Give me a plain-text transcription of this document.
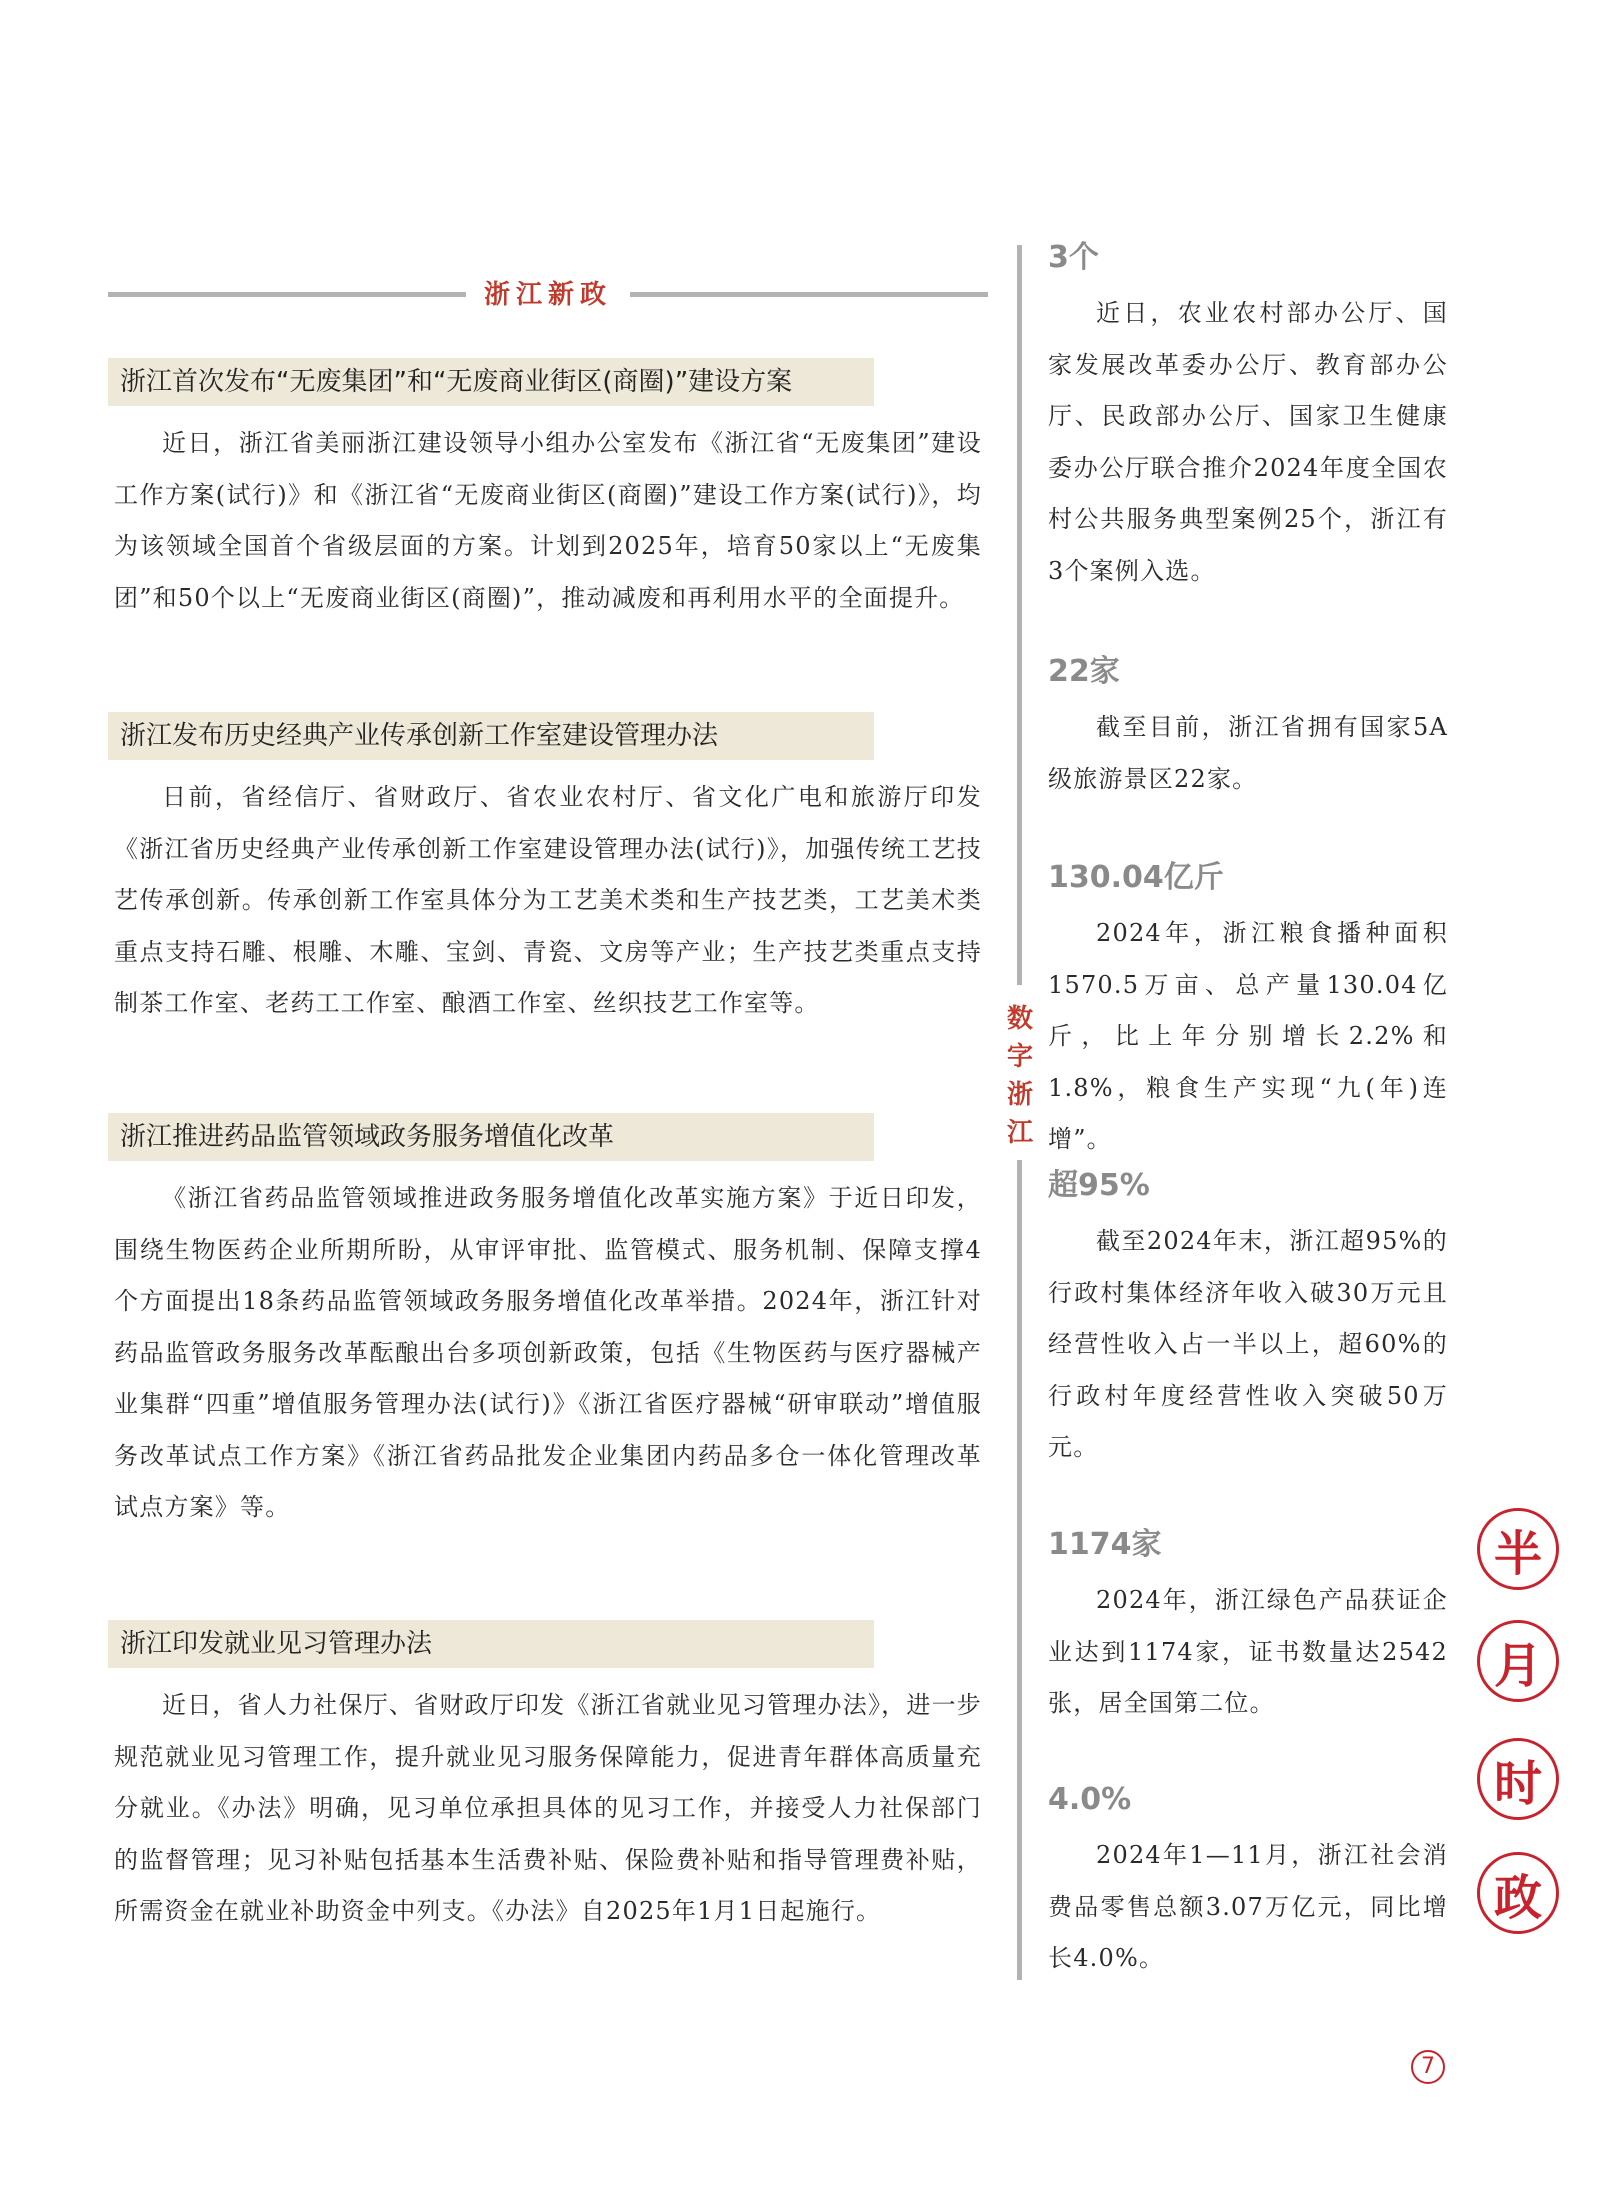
浙江新政
浙江首次发布“无废集团”和“无废商业街区(商圈)”建设方案

近日，浙江省美丽浙江建设领导小组办公室发布《浙江省“无废集团”建设工作方案(试行)》和《浙江省“无废商业街区(商圈)”建设工作方案(试行)》，均为该领域全国首个省级层面的方案。计划到2025年，培育50家以上“无废集团”和50个以上“无废商业街区(商圈)”，推动减废和再利用水平的全面提升。

浙江发布历史经典产业传承创新工作室建设管理办法

日前，省经信厅、省财政厅、省农业农村厅、省文化广电和旅游厅印发《浙江省历史经典产业传承创新工作室建设管理办法(试行)》，加强传统工艺技艺传承创新。传承创新工作室具体分为工艺美术类和生产技艺类，工艺美术类重点支持石雕、根雕、木雕、宝剑、青瓷、文房等产业；生产技艺类重点支持制茶工作室、老药工工作室、酿酒工作室、丝织技艺工作室等。

浙江推进药品监管领域政务服务增值化改革

《浙江省药品监管领域推进政务服务增值化改革实施方案》于近日印发，围绕生物医药企业所期所盼，从审评审批、监管模式、服务机制、保障支撑4个方面提出18条药品监管领域政务服务增值化改革举措。2024年，浙江针对药品监管政务服务改革酝酿出台多项创新政策，包括《生物医药与医疗器械产业集群“四重”增值服务管理办法(试行)》《浙江省医疗器械“研审联动”增值服务改革试点工作方案》《浙江省药品批发企业集团内药品多仓一体化管理改革试点方案》等。

浙江印发就业见习管理办法

近日，省人力社保厅、省财政厅印发《浙江省就业见习管理办法》，进一步规范就业见习管理工作，提升就业见习服务保障能力，促进青年群体高质量充分就业。《办法》明确，见习单位承担具体的见习工作，并接受人力社保部门的监督管理；见习补贴包括基本生活费补贴、保险费补贴和指导管理费补贴，所需资金在就业补助资金中列支。《办法》自2025年1月1日起施行。

数字浙江
3个

近日，农业农村部办公厅、国家发展改革委办公厅、教育部办公厅、民政部办公厅、国家卫生健康委办公厅联合推介2024年度全国农村公共服务典型案例25个，浙江有3个案例入选。

22家

截至目前，浙江省拥有国家5A级旅游景区22家。

130.04亿斤

2024年，浙江粮食播种面积1570.5万亩、总产量130.04亿斤，比上年分别增长2.2%和1.8%，粮食生产实现“九(年)连增”。

超95%

截至2024年末，浙江超95%的行政村集体经济年收入破30万元且经营性收入占一半以上，超60%的行政村年度经营性收入突破50万元。

1174家

2024年，浙江绿色产品获证企业达到1174家，证书数量达2542张，居全国第二位。

4.0%

2024年1—11月，浙江社会消费品零售总额3.07万亿元，同比增长4.0%。

半
月
时
政
7
